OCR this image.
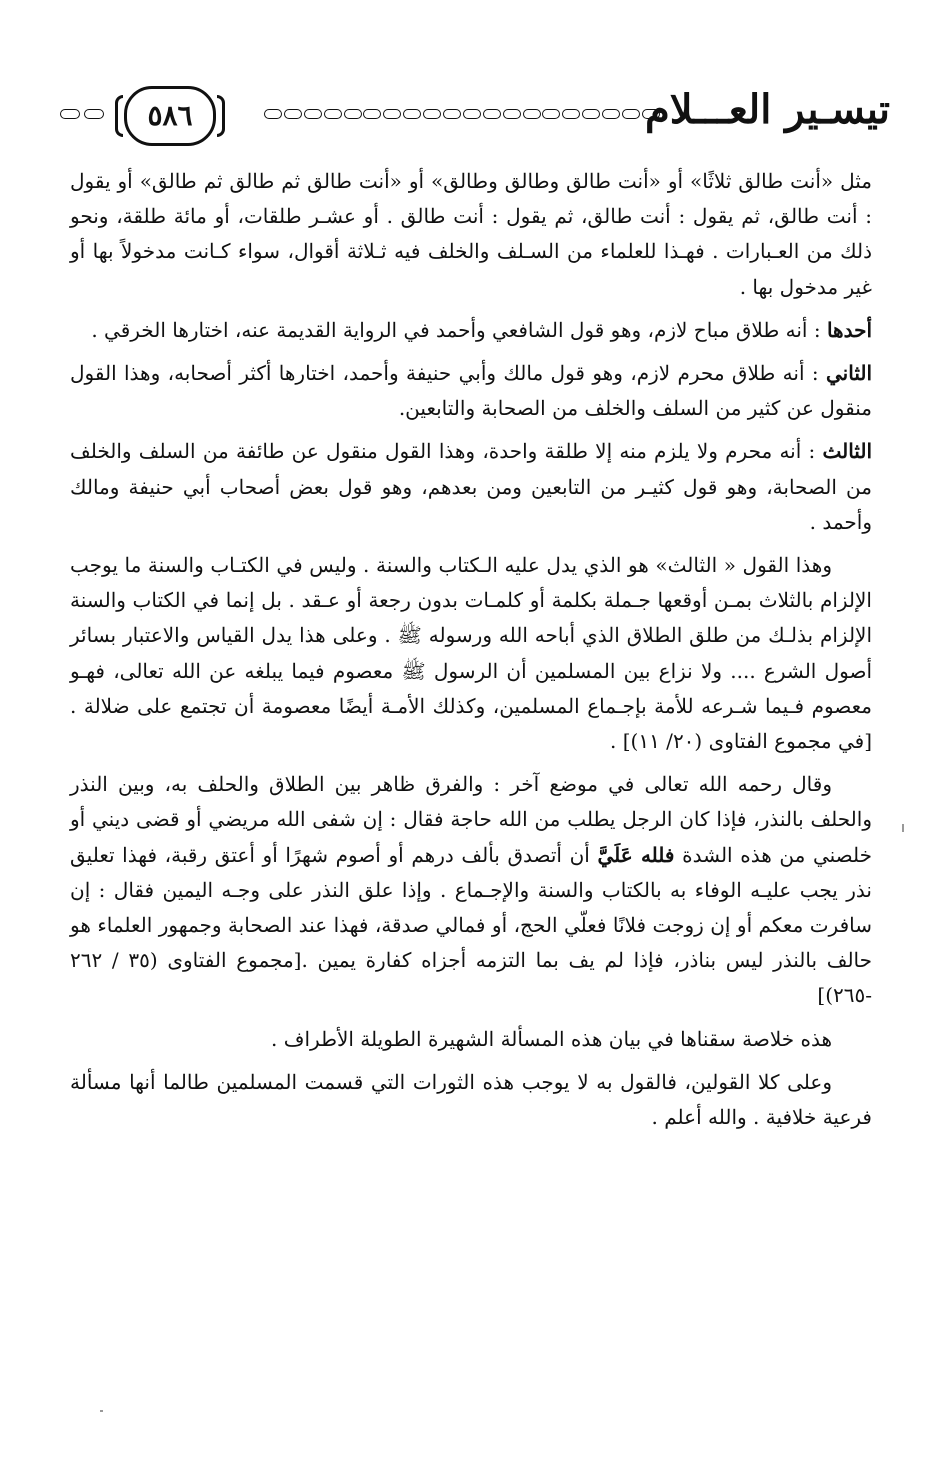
تيسـير العـــلام
٥٨٦

مثل «أنت طالق ثلاثًا» أو «أنت طالق وطالق وطالق» أو «أنت طالق ثم طالق ثم طالق» أو يقول : أنت طالق، ثم يقول : أنت طالق، ثم يقول : أنت طالق . أو عشـر طلقات، أو مائة طلقة، ونحو ذلك من العـبارات . فهـذا للعلماء من السـلف والخلف فيه ثـلاثة أقوال، سواء كـانت مدخولاً بها أو غير مدخول بها .

أحدها : أنه طلاق مباح لازم، وهو قول الشافعي وأحمد في الرواية القديمة عنه، اختارها الخرقي .

الثاني : أنه طلاق محرم لازم، وهو قول مالك وأبي حنيفة وأحمد، اختارها أكثر أصحابه، وهذا القول منقول عن كثير من السلف والخلف من الصحابة والتابعين.

الثالث : أنه محرم ولا يلزم منه إلا طلقة واحدة، وهذا القول منقول عن طائفة من السلف والخلف من الصحابة، وهو قول كثيـر من التابعين ومن بعدهم، وهو قول بعض أصحاب أبي حنيفة ومالك وأحمد .

وهذا القول « الثالث» هو الذي يدل عليه الـكتاب والسنة . وليس في الكتـاب والسنة ما يوجب الإلزام بالثلاث بمـن أوقعها جـملة بكلمة أو كلمـات بدون رجعة أو عـقد . بل إنما في الكتاب والسنة الإلزام بذلـك من طلق الطلاق الذي أباحه الله ورسوله ﷺ . وعلى هذا يدل القياس والاعتبار بسائر أصول الشرع .... ولا نزاع بين المسلمين أن الرسول ﷺ معصوم فيما يبلغه عن الله تعالى، فهـو معصوم فـيما شـرعه للأمة بإجـماع المسلمين، وكذلك الأمـة أيضًا معصومة أن تجتمع على ضلالة . [في مجموع الفتاوى (٢٠/ ١١)] .

وقال رحمه الله تعالى في موضع آخر : والفرق ظاهر بين الطلاق والحلف به، وبين النذر والحلف بالنذر، فإذا كان الرجل يطلب من الله حاجة فقال : إن شفى الله مريضي أو قضى ديني أو خلصني من هذه الشدة فلله عَلَيَّ أن أتصدق بألف درهم أو أصوم شهرًا أو أعتق رقبة، فهذا تعليق نذر يجب عليـه الوفاء به بالكتاب والسنة والإجـماع . وإذا علق النذر على وجـه اليمين فقال : إن سافرت معكم أو إن زوجت فلانًا فعلّي الحج، أو فمالي صدقة، فهذا عند الصحابة وجمهور العلماء هو حالف بالنذر ليس بناذر، فإذا لم يف بما التزمه أجزاه كفارة يمين .[مجموع الفتاوى (٣٥ / ٢٦٢ -٢٦٥)]

هذه خلاصة سقناها في بيان هذه المسألة الشهيرة الطويلة الأطراف .

وعلى كلا القولين، فالقول به لا يوجب هذه الثورات التي قسمت المسلمين طالما أنها مسألة فرعية خلافية . والله أعلم .
